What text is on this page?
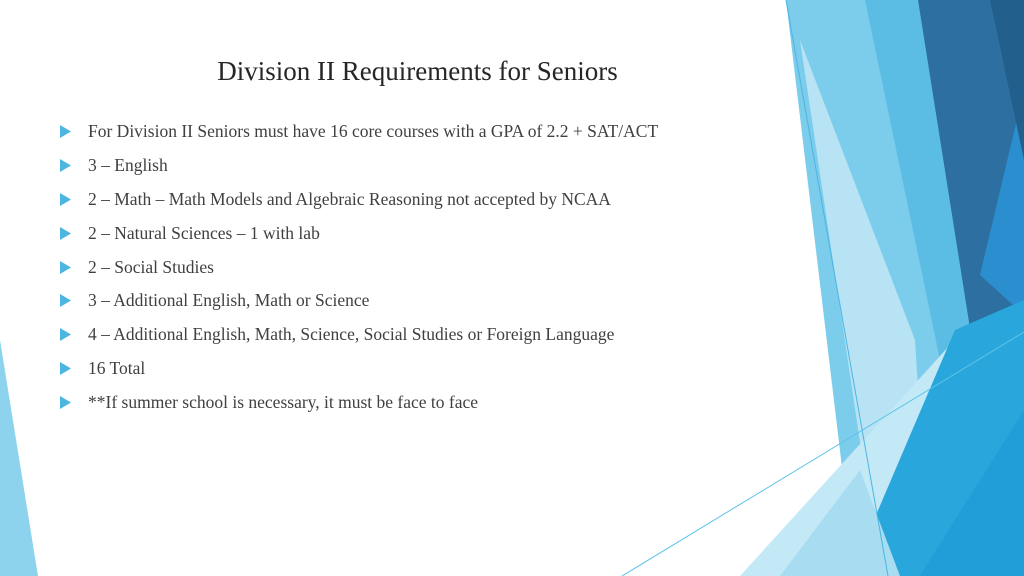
Division II Requirements for Seniors
For Division II Seniors must have 16 core courses with a GPA of 2.2 + SAT/ACT
3 – English
2 – Math – Math Models and Algebraic Reasoning not accepted by NCAA
2 – Natural Sciences – 1 with lab
2 – Social Studies
3 – Additional English, Math or Science
4 – Additional English, Math, Science, Social Studies or Foreign Language
16 Total
**If summer school is necessary, it must be face to face
